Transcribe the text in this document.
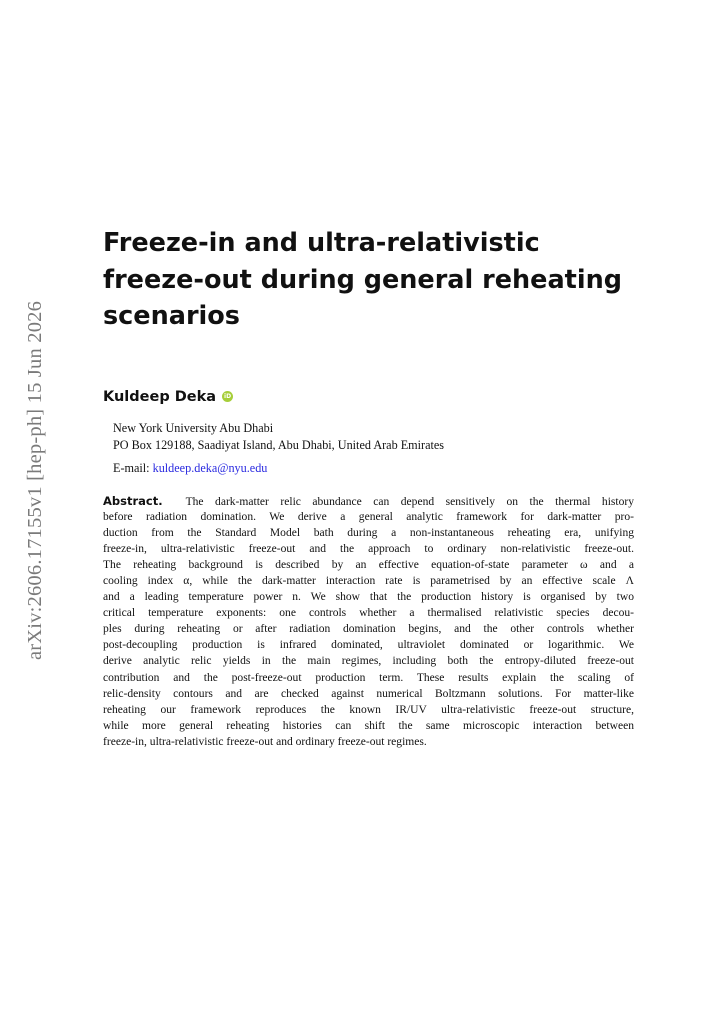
arXiv:2606.17155v1 [hep-ph] 15 Jun 2026
Freeze-in and ultra-relativistic
freeze-out during general reheating
scenarios
Kuldeep Deka	iD
New York University Abu Dhabi
PO Box 129188, Saadiyat Island, Abu Dhabi, United Arab Emirates
E-mail: kuldeep.deka@nyu.edu
Abstract. The dark-matter relic abundance can depend sensitively on the thermal history
before radiation domination. We derive a general analytic framework for dark-matter pro-
duction from the Standard Model bath during a non-instantaneous reheating era, unifying
freeze-in, ultra-relativistic freeze-out and the approach to ordinary non-relativistic freeze-out.
The reheating background is described by an effective equation-of-state parameter ω and a
cooling index α, while the dark-matter interaction rate is parametrised by an effective scale Λ
and a leading temperature power n. We show that the production history is organised by two
critical temperature exponents: one controls whether a thermalised relativistic species decou-
ples during reheating or after radiation domination begins, and the other controls whether
post-decoupling production is infrared dominated, ultraviolet dominated or logarithmic. We
derive analytic relic yields in the main regimes, including both the entropy-diluted freeze-out
contribution and the post-freeze-out production term. These results explain the scaling of
relic-density contours and are checked against numerical Boltzmann solutions. For matter-like
reheating our framework reproduces the known IR/UV ultra-relativistic freeze-out structure,
while more general reheating histories can shift the same microscopic interaction between
freeze-in, ultra-relativistic freeze-out and ordinary freeze-out regimes.
